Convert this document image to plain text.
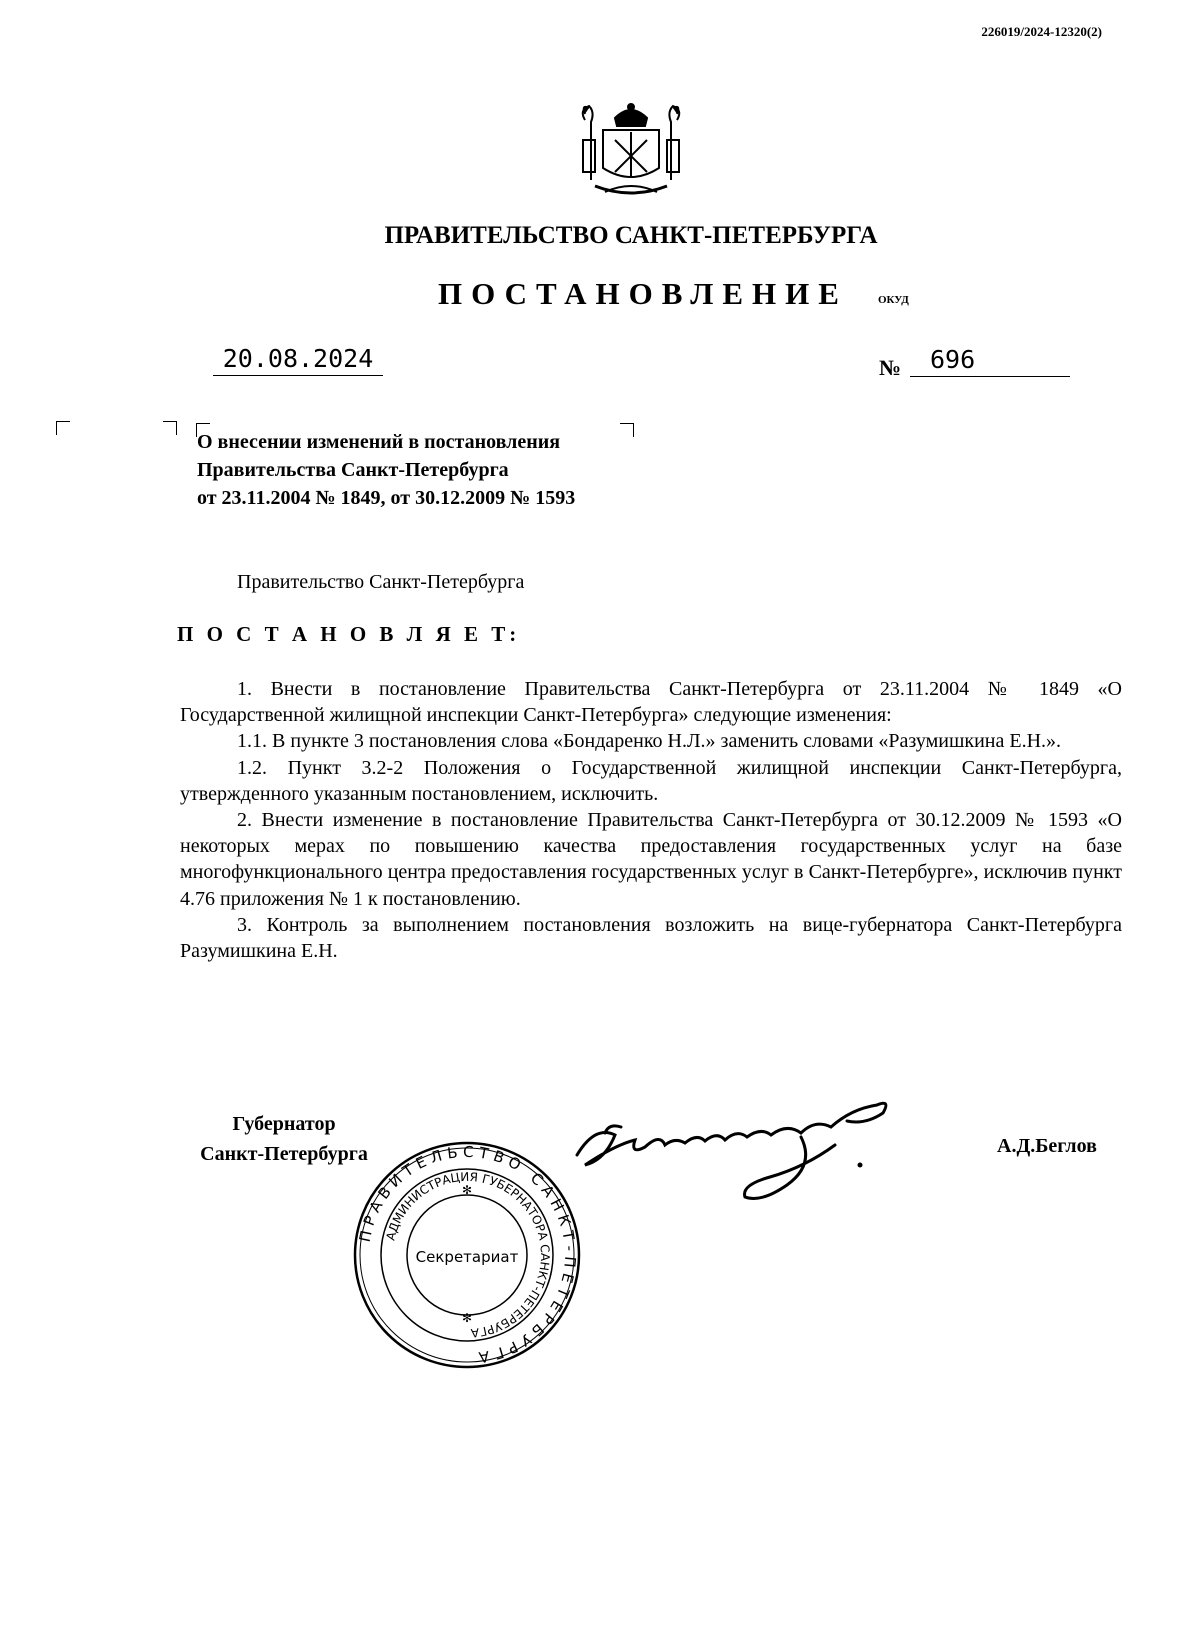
226019/2024-12320(2)
ПРАВИТЕЛЬСТВО САНКТ-ПЕТЕРБУРГА
ПОСТАНОВЛЕНИЕ	ОКУД
20.08.2024	№	696
О внесении изменений в постановления
Правительства Санкт-Петербурга
от 23.11.2004 № 1849, от 30.12.2009 № 1593
Правительство Санкт-Петербурга
П О С Т А Н О В Л Я Е Т:

1. Внести в постановление Правительства Санкт-Петербурга от 23.11.2004 № 1849 «О Государственной жилищной инспекции Санкт-Петербурга» следующие изменения:

1.1. В пункте 3 постановления слова «Бондаренко Н.Л.» заменить словами «Разумишкина Е.Н.».

1.2. Пункт 3.2-2 Положения о Государственной жилищной инспекции Санкт-Петербурга, утвержденного указанным постановлением, исключить.

2. Внести изменение в постановление Правительства Санкт-Петербурга от 30.12.2009 № 1593 «О некоторых мерах по повышению качества предоставления государственных услуг на базе многофункционального центра предоставления государственных услуг в Санкт-Петербурге», исключив пункт 4.76 приложения № 1 к постановлению.

3. Контроль за выполнением постановления возложить на вице-губернатора Санкт-Петербурга Разумишкина Е.Н.

Губернатор
Санкт-Петербурга	А.Д.Беглов
ПРАВИТЕЛЬСТВО САНКТ-ПЕТЕРБУРГА
АДМИНИСТРАЦИЯ ГУБЕРНАТОРА САНКТ-ПЕТЕРБУРГА
Секретариат
✻
✻
